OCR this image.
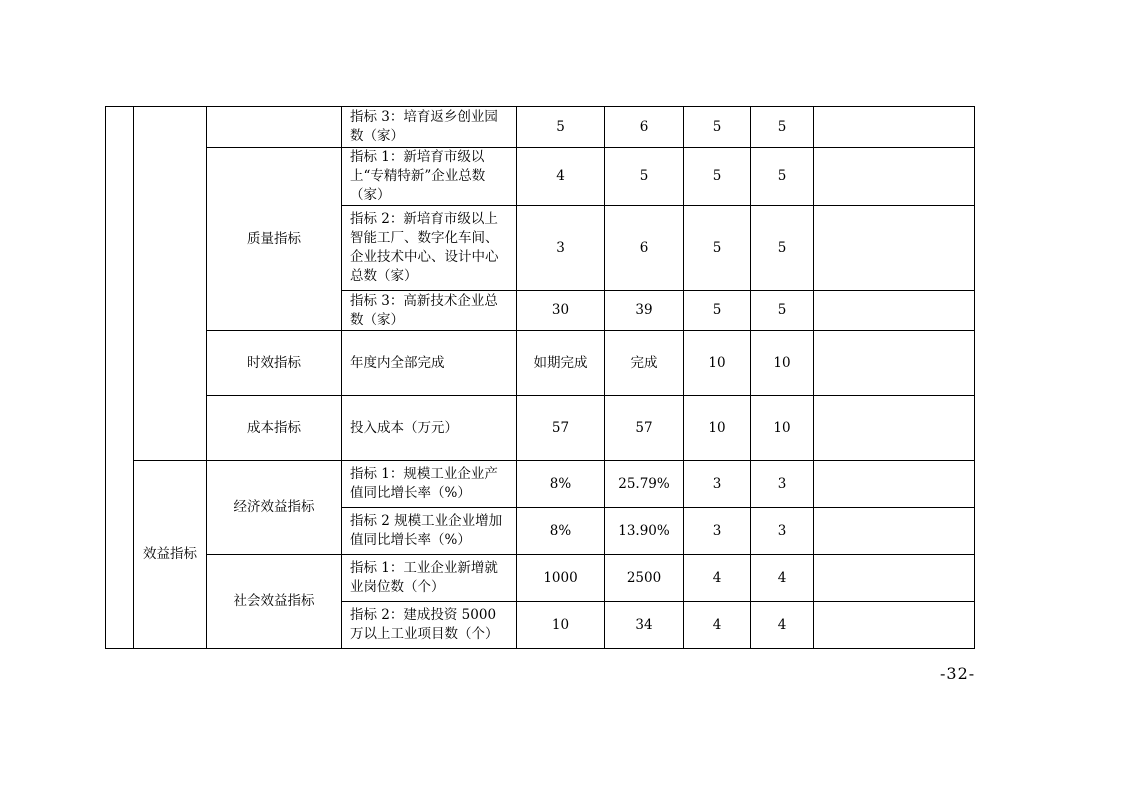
			指标 3：培育返乡创业园数（家）	5	6	5	5	
		质量指标	指标 1：新培育市级以上“专精特新”企业总数（家）	4	5	5	5	
			指标 2：新培育市级以上智能工厂、数字化车间、企业技术中心、设计中心总数（家）	3	6	5	5	
			指标 3：高新技术企业总数（家）	30	39	5	5	
		时效指标	年度内全部完成	如期完成	完成	10	10	
		成本指标	投入成本（万元）	57	57	10	10	
	效益指标	经济效益指标	指标 1：规模工业企业产值同比增长率（%）	8%	25.79%	3	3	
			指标 2 规模工业企业增加值同比增长率（%）	8%	13.90%	3	3	
		社会效益指标	指标 1：工业企业新增就业岗位数（个）	1000	2500	4	4	
			指标 2：建成投资 5000 万以上工业项目数（个）	10	34	4	4	
-32-
